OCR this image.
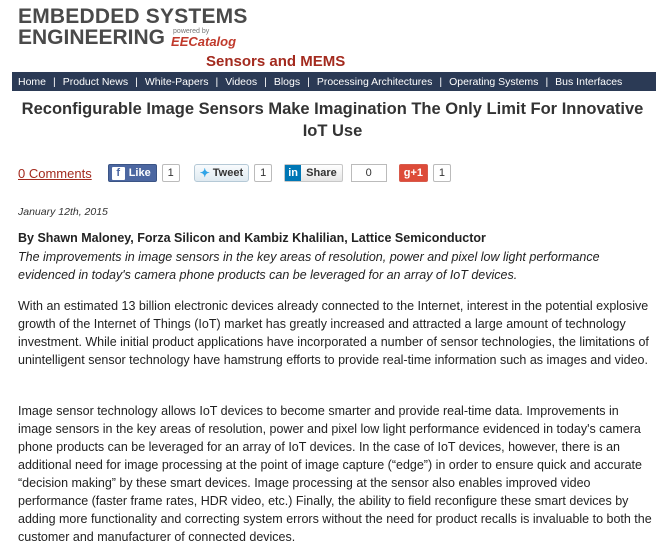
EMBEDDED SYSTEMS
ENGINEERING powered by
EECatalog
Sensors and MEMS
Home | Product News | White-Papers | Videos | Blogs | Processing Architectures | Operating Systems | Bus Interfaces
Reconfigurable Image Sensors Make Imagination The Only Limit For Innovative IoT Use
0 Comments	f Like	1	✦ Tweet	1	in Share	0	g+1	1
January 12th, 2015
By Shawn Maloney, Forza Silicon and Kambiz Khalilian, Lattice Semiconductor

The improvements in image sensors in the key areas of resolution, power and pixel low light performance evidenced in today's camera phone products can be leveraged for an array of IoT devices.

With an estimated 13 billion electronic devices already connected to the Internet, interest in the potential explosive growth of the Internet of Things (IoT) market has greatly increased and attracted a large amount of technology investment. While initial product applications have incorporated a number of sensor technologies, the limitations of unintelligent sensor technology have hamstrung efforts to provide real-time information such as images and video.

Image sensor technology allows IoT devices to become smarter and provide real-time data. Improvements in image sensors in the key areas of resolution, power and pixel low light performance evidenced in today's camera phone products can be leveraged for an array of IoT devices. In the case of IoT devices, however, there is an additional need for image processing at the point of image capture (“edge”) in order to ensure quick and accurate “decision making” by these smart devices. Image processing at the sensor also enables improved video performance (faster frame rates, HDR video, etc.) Finally, the ability to field reconfigure these smart devices by adding more functionality and correcting system errors without the need for product recalls is invaluable to both the customer and manufacturer of connected devices.
